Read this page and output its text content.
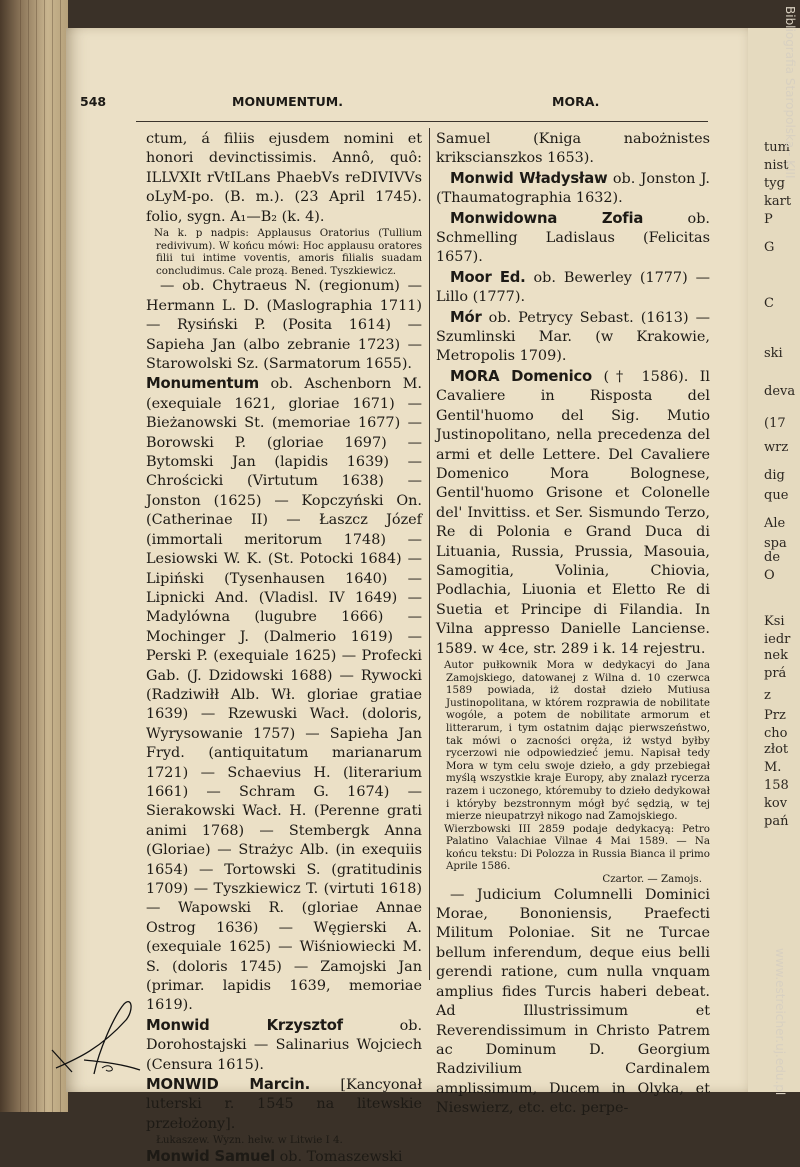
tum
nist
tyg
kart
P
G
C
ski
deva
(17
wrz
dig
que
Ale
spa
de
O
Ksi
iedr
nek
prá
z
Prz
cho
złot
M.
158
kov
pań
548	MONUMENTUM.	MORA.

ctum, á filiis ejusdem nomini et honori devinctissimis. Annô, quô: ILLVXIt rVtILans PhaebVs reDIVIVVs oLyM-po. (B. m.). (23 April 1745). folio, sygn. A₁—B₂ (k. 4).

Na k. p nadpis: Applausus Oratorius (Tullium redivivum). W końcu mówi: Hoc applausu oratores filii tui intime voventis, amoris filialis suadam concludimus. Cale prozą. Bened. Tyszkiewicz.

— ob. Chytraeus N. (regionum) — Hermann L. D. (Maslographia 1711) — Rysiński P. (Posita 1614) — Sapieha Jan (albo zebranie 1723) — Starowolski Sz. (Sarmatorum 1655).

Monumentum ob. Aschenborn M. (exequiale 1621, gloriae 1671) — Bieżanowski St. (memoriae 1677) — Borowski P. (gloriae 1697) — Bytomski Jan (lapidis 1639) — Chrościcki (Virtutum 1638) — Jonston (1625) — Kopczyński On. (Catherinae II) — Łaszcz Józef (immortali meritorum 1748) — Lesiowski W. K. (St. Potocki 1684) — Lipiński (Tysenhausen 1640) — Lipnicki And. (Vladisl. IV 1649) — Madylówna (lugubre 1666) — Mochinger J. (Dalmerio 1619) — Perski P. (exequiale 1625) — Profecki Gab. (J. Dzidowski 1688) — Rywocki (Radziwiłł Alb. Wł. gloriae gratiae 1639) — Rzewuski Wacł. (doloris, Wyrysowanie 1757) — Sapieha Jan Fryd. (antiquitatum marianarum 1721) — Schaevius H. (literarium 1661) — Schram G. 1674) — Sierakowski Wacł. H. (Perenne grati animi 1768) — Stembergk Anna (Gloriae) — Strażyc Alb. (in exequiis 1654) — Tortowski S. (gratitudinis 1709) — Tyszkiewicz T. (virtuti 1618) — Wapowski R. (gloriae Annae Ostrog 1636) — Węgierski A. (exequiale 1625) — Wiśniowiecki M. S. (doloris 1745) — Zamojski Jan (primar. lapidis 1639, memoriae 1619).

Monwid Krzysztof	ob. Dorohostajski — Salinarius Wojciech (Censura 1615).

MONWID Marcin. [Kancyonał luterski r. 1545 na litewskie przełożony].

Łukaszew. Wyzn. helw. w Litwie I 4.

Monwid Samuel ob. Tomaszewski

Samuel (Kniga nabożnistes krikscianszkos 1653).

Monwid Władysław ob. Jonston J. (Thaumatographia 1632).

Monwidowna Zofia	ob. Schmelling Ladislaus (Felicitas 1657).

Moor Ed. ob. Bewerley (1777) — Lillo (1777).

Mór ob. Petrycy Sebast. (1613) — Szumlinski Mar. (w Krakowie, Metropolis 1709).

MORA Domenico († 1586). Il Cavaliere in Risposta del Gentil'huomo del Sig. Mutio Justinopolitano, nella precedenza del armi et delle Lettere. Del Cavaliere Domenico Mora Bolognese, Gentil'huomo Grisone et Colonelle del' Invittiss. et Ser. Sismundo Terzo, Re di Polonia e Grand Duca di Lituania, Russia, Prussia, Masouia, Samogitia, Volinia, Chiovia, Podlachia, Liuonia et Eletto Re di Suetia et Principe di Filandia. In Vilna appresso Danielle Lanciense. 1589. w 4ce, str. 289 i k. 14 rejestru.

Autor pułkownik Mora w dedykacyi do Jana Zamojskiego, datowanej z Wilna d. 10 czerwca 1589 powiada, iż dostał dzieło Mutiusa Justinopolitana, w którem rozprawia de nobilitate wogóle, a potem de nobilitate armorum et litterarum, i tym ostatnim dając pierwszeństwo, tak mówi o zacności oręża, iż wstyd byłby rycerzowi nie odpowiedzieć jemu. Napisał tedy Mora w tym celu swoje dzieło, a gdy przebiegał myślą wszystkie kraje Europy, aby znalazł rycerza razem i uczonego, któremuby to dzieło dedykował i któryby bezstronnym mógł być sędzią, w tej mierze nieupatrzył nikogo nad Zamojskiego.

Wierzbowski III 2859 podaje dedykacyą: Petro Palatino Valachiae Vilnae 4 Mai 1589. — Na końcu tekstu: Di Polozza in Russia Bianca il primo Aprile 1586.

Czartor. — Zamojs.

— Judicium Columnelli Dominici Morae, Bononiensis, Praefecti Militum Poloniae. Sit ne Turcae bellum inferendum, deque eius belli gerendi ratione, cum nulla vnquam amplius fides Turcis haberi debeat. Ad Illustrissimum et Reverendissimum in Christo Patrem ac Dominum D. Georgium Radzivilium Cardinalem amplissimum, Ducem in Olyka, et Nieswierz, etc. etc. perpe-

Bibliografia Staropolska - KIII
www.estreicher.uj.edu.pl
